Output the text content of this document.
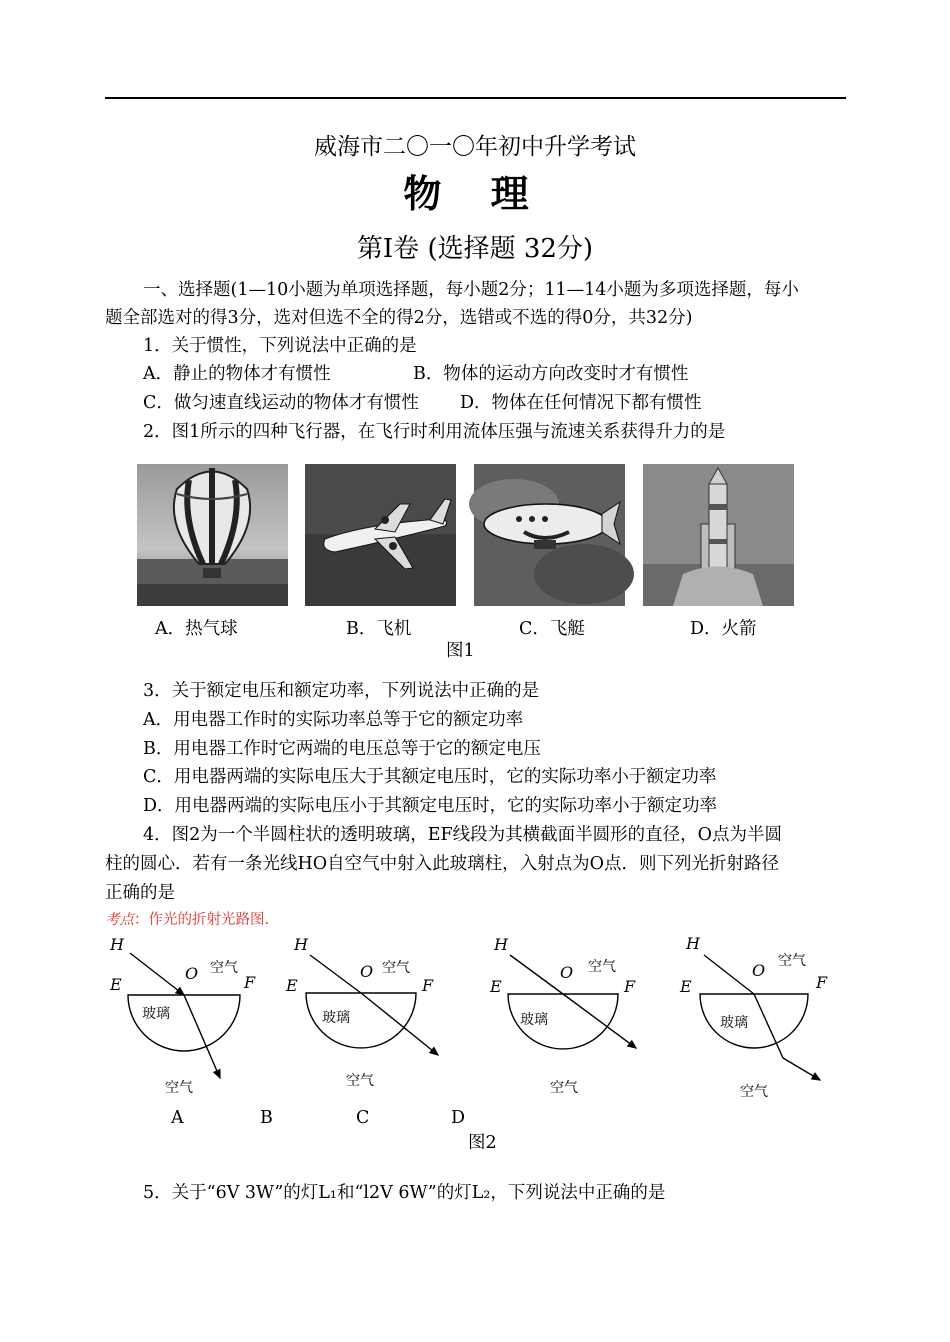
威海市二〇一〇年初中升学考试
物 理
第Ⅰ卷 (选择题 32分)
一、选择题(1—10小题为单项选择题，每小题2分；11—14小题为多项选择题，每小
题全部选对的得3分，选对但选不全的得2分，选错或不选的得0分，共32分)
1．关于惯性，下列说法中正确的是
A．静止的物体才有惯性	B．物体的运动方向改变时才有惯性
C．做匀速直线运动的物体才有惯性 D．物体在任何情况下都有惯性
2．图1所示的四种飞行器，在飞行时利用流体压强与流速关系获得升力的是
A．热气球	B．飞机	C．飞艇	D．火箭
图1
3．关于额定电压和额定功率，下列说法中正确的是
A．用电器工作时的实际功率总等于它的额定功率
B．用电器工作时它两端的电压总等于它的额定电压
C．用电器两端的实际电压大于其额定电压时，它的实际功率小于额定功率
D．用电器两端的实际电压小于其额定电压时，它的实际功率小于额定功率
4．图2为一个半圆柱状的透明玻璃，EF线段为其横截面半圆形的直径，O点为半圆
柱的圆心．若有一条光线HO自空气中射入此玻璃柱，入射点为O点．则下列光折射路径
正确的是
考点：作光的折射光路图.
H
O 空气
E	F
玻璃
空气
H
O 空气
E	F
玻璃
空气
H
O 空气
E	F
玻璃
空气
H
O 空气
E	F
玻璃
空气
A	B	C	D
图2
5．关于“6V 3W”的灯L₁和“l2V 6W”的灯L₂，下列说法中正确的是
